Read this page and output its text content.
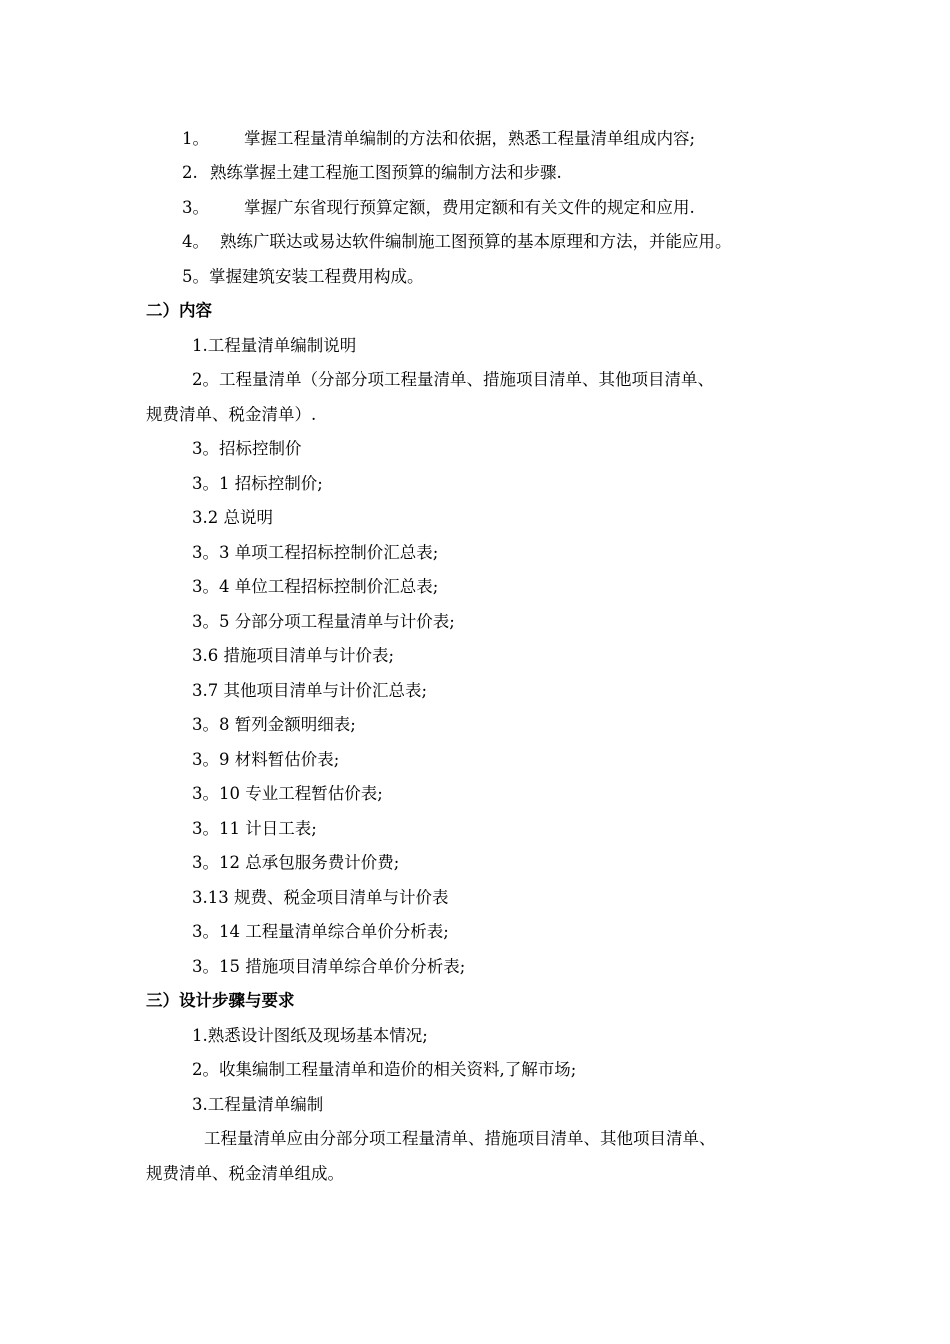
1。 掌握工程量清单编制的方法和依据，熟悉工程量清单组成内容;
2. 熟练掌握土建工程施工图预算的编制方法和步骤.
3。 掌握广东省现行预算定额，费用定额和有关文件的规定和应用.
4。 熟练广联达或易达软件编制施工图预算的基本原理和方法，并能应用。
5。掌握建筑安装工程费用构成。
二）内容
1.工程量清单编制说明
2。工程量清单（分部分项工程量清单、措施项目清单、其他项目清单、
规费清单、税金清单）.
3。招标控制价
3。1 招标控制价;
3.2 总说明
3。3 单项工程招标控制价汇总表;
3。4 单位工程招标控制价汇总表;
3。5 分部分项工程量清单与计价表;
3.6 措施项目清单与计价表;
3.7 其他项目清单与计价汇总表;
3。8 暂列金额明细表;
3。9 材料暂估价表;
3。10 专业工程暂估价表;
3。11 计日工表;
3。12 总承包服务费计价费;
3.13 规费、税金项目清单与计价表
3。14 工程量清单综合单价分析表;
3。15 措施项目清单综合单价分析表;
三）设计步骤与要求
1.熟悉设计图纸及现场基本情况;
2。收集编制工程量清单和造价的相关资料,了解市场;
3.工程量清单编制
工程量清单应由分部分项工程量清单、措施项目清单、其他项目清单、
规费清单、税金清单组成。
